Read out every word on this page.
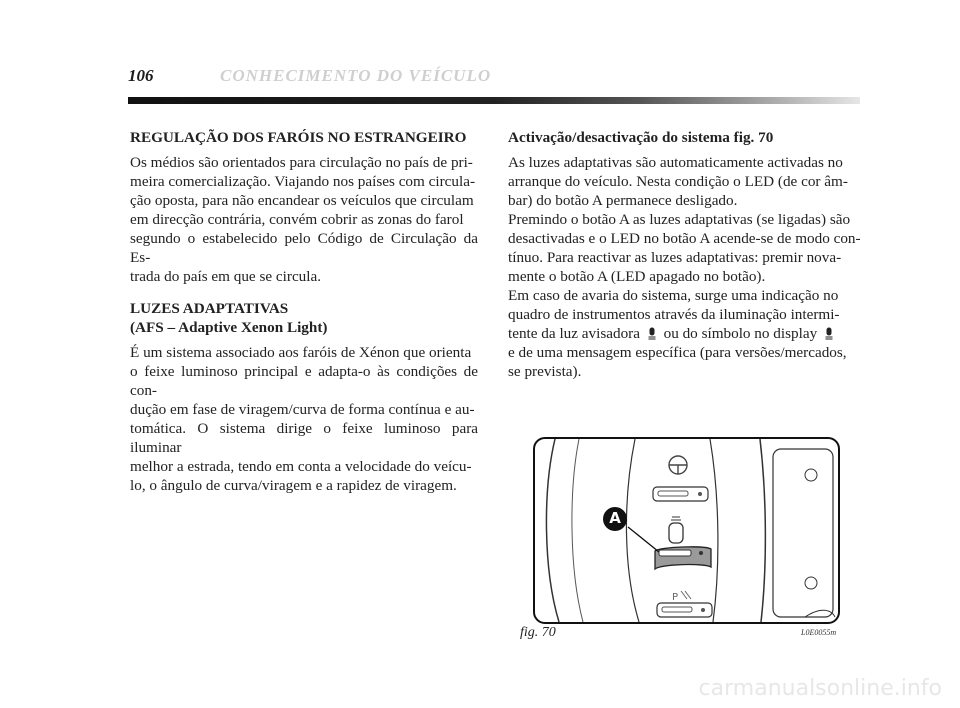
106	CONHECIMENTO DO VEÍCULO
REGULAÇÃO DOS FARÓIS NO ESTRANGEIRO
Os médios são orientados para circulação no país de pri-
meira comercialização. Viajando nos países com circula-
ção oposta, para não encandear os veículos que circulam
em direcção contrária, convém cobrir as zonas do farol
segundo o estabelecido pelo Código de Circulação da Es-
trada do país em que se circula.
LUZES ADAPTATIVAS
(AFS – Adaptive Xenon Light)
É um sistema associado aos faróis de Xénon que orienta
o feixe luminoso principal e adapta-o às condições de con-
dução em fase de viragem/curva de forma contínua e au-
tomática. O sistema dirige o feixe luminoso para iluminar
melhor a estrada, tendo em conta a velocidade do veícu-
lo, o ângulo de curva/viragem e a rapidez de viragem.
Activação/desactivação do sistema fig. 70
As luzes adaptativas são automaticamente activadas no
arranque do veículo. Nesta condição o LED (de cor âm-
bar) do botão A permanece desligado.
Premindo o botão A as luzes adaptativas (se ligadas) são
desactivadas e o LED no botão A acende-se de modo con-
tínuo. Para reactivar as luzes adaptativas: premir nova-
mente o botão A (LED apagado no botão).
Em caso de avaria do sistema, surge uma indicação no
quadro de instrumentos através da iluminação intermi-
tente da luz avisadora ou do símbolo no display
e de uma mensagem específica (para versões/mercados,
se prevista).
P
A
fig. 70	L0E0055m
carmanualsonline.info
